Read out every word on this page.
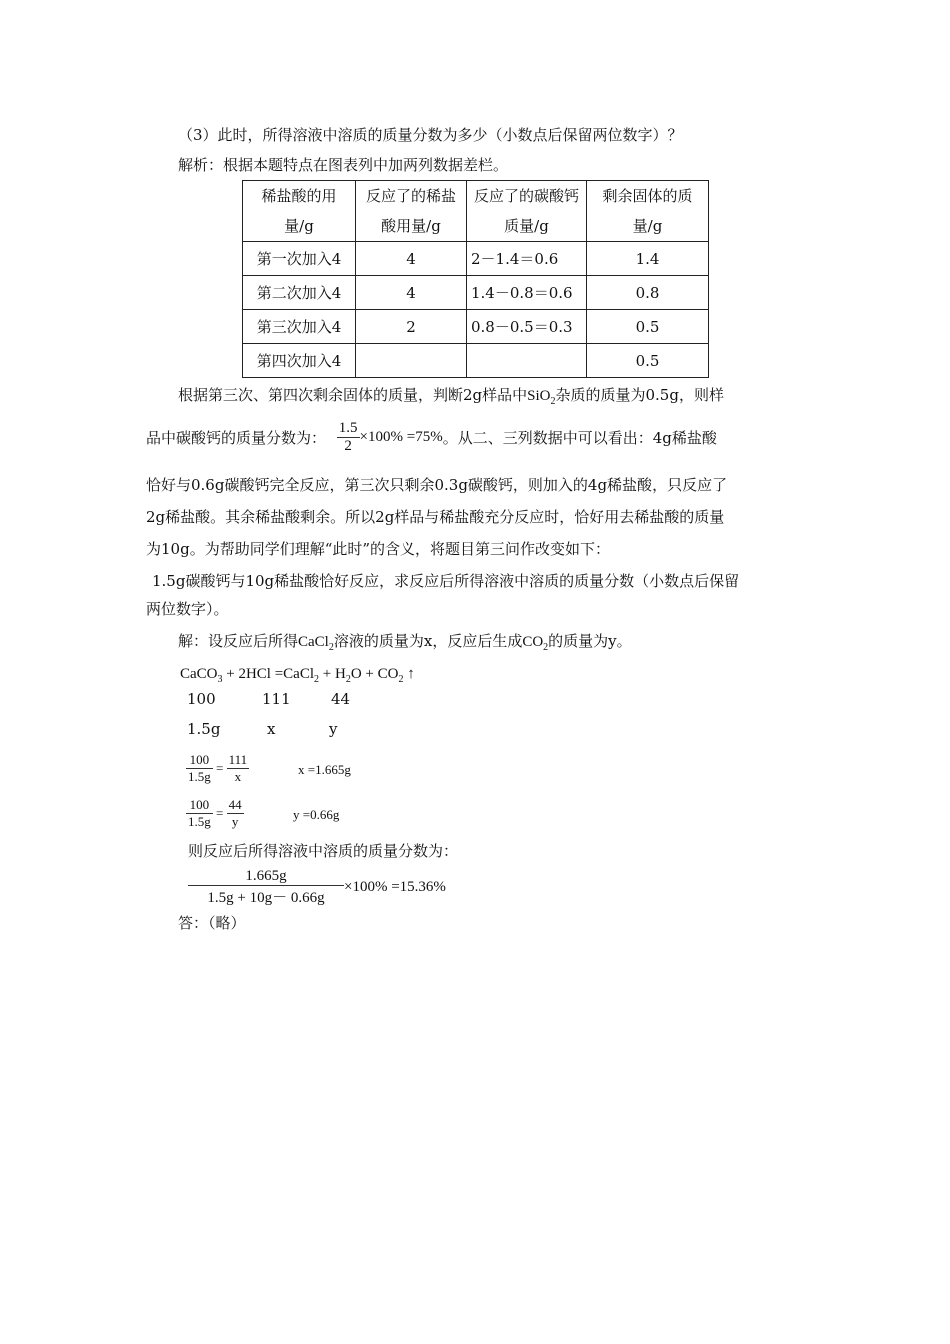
（3）此时，所得溶液中溶质的质量分数为多少（小数点后保留两位数字）？
解析：根据本题特点在图表列中加两列数据差栏。
稀盐酸的用量/g	反应了的稀盐酸用量/g	反应了的碳酸钙质量/g	剩余固体的质量/g
第一次加入4	4	2－1.4＝0.6	1.4
第二次加入4	4	1.4－0.8＝0.6	0.8
第三次加入4	2	0.8－0.5＝0.3	0.5
第四次加入4			0.5
根据第三次、第四次剩余固体的质量，判断2g样品中SiO$_2$杂质的质量为0.5g，则样
品中碳酸钙的质量分数为： $\frac{1.5}{2} \times 100\% =75\%$。从二、三列数据中可以看出：4g稀盐酸
恰好与0.6g碳酸钙完全反应，第三次只剩余0.3g碳酸钙，则加入的4g稀盐酸，只反应了
2g稀盐酸。其余稀盐酸剩余。所以2g样品与稀盐酸充分反应时，恰好用去稀盐酸的质量
为10g。为帮助同学们理解“此时”的含义，将题目第三问作改变如下：
1.5g碳酸钙与10g稀盐酸恰好反应，求反应后所得溶液中溶质的质量分数（小数点后保留
两位数字）。
解：设反应后所得CaCl$_2$溶液的质量为x，反应后生成$CO_2$的质量为y。
CaCO$_3$ + 2HCl =CaCl$_2$ + $H_2O + CO_2$ ↑
100	111	44
1.5g	x	y
$\frac{100}{1.5g} = \frac{111}{x}$	x =1.665g
$\frac{100}{1.5g} = \frac{44}{y}$	y =0.66g
则反应后所得溶液中溶质的质量分数为：
$\frac{1.665g}{1.5g + 10g- 0.66g} \times 100\% =15.36\%$
答：（略）
